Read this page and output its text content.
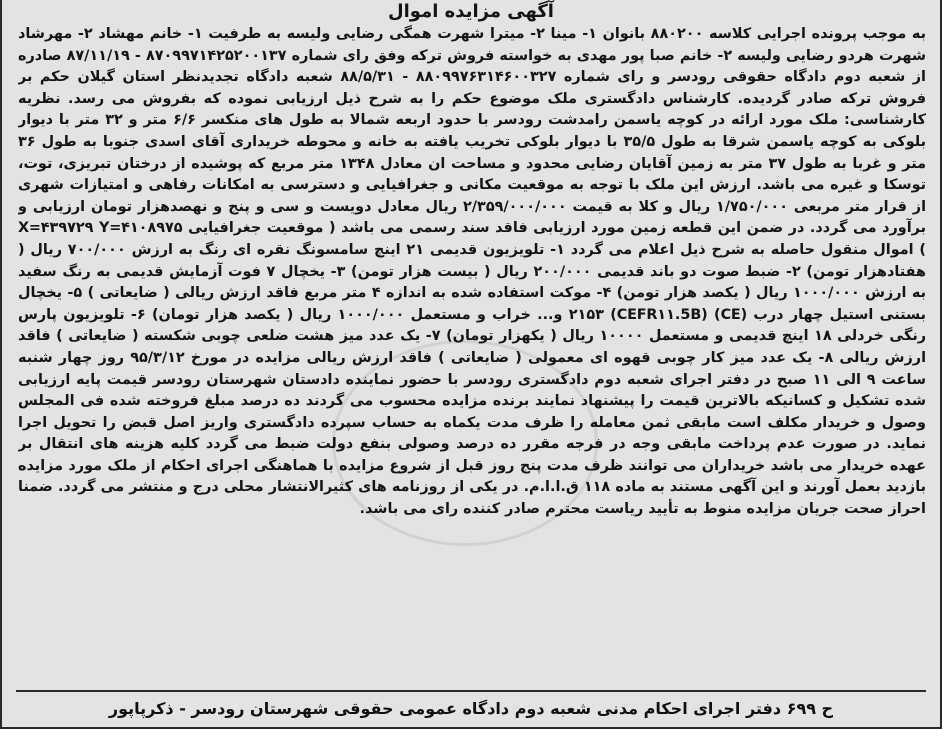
آگهی مزایده اموال
به موجب پرونده اجرایی کلاسه ۸۸۰۲۰۰ بانوان ۱- مینا ۲- میترا شهرت همگی رضایی ولیسه به طرفیت ۱- خانم مهشاد ۲- مهرشاد شهرت هردو رضایی ولیسه ۲- خانم صبا پور مهدی به خواسته فروش ترکه وفق رای شماره ۸۷۰۹۹۷۱۴۲۵۲۰۰۱۳۷ - ۸۷/۱۱/۱۹ صادره از شعبه دوم دادگاه حقوقی رودسر و رای شماره ۸۸۰۹۹۷۶۳۱۴۶۰۰۳۲۷ - ۸۸/۵/۳۱ شعبه دادگاه تجدیدنظر استان گیلان حکم بر فروش ترکه صادر گردیده. کارشناس دادگستری ملک موضوع حکم را به شرح ذیل ارزیابی نموده که بفروش می رسد. نظریه کارشناسی: ملک مورد ارائه در کوچه یاسمن رامدشت رودسر با حدود اربعه شمالا به طول های منکسر ۶/۶ متر و ۳۲ متر با دیوار بلوکی به کوچه یاسمن شرقا به طول ۳۵/۵ با دیوار بلوکی تخریب یافته به خانه و محوطه خریداری آقای اسدی جنوبا به طول ۳۶ متر و غربا به طول ۳۷ متر به زمین آقایان رضایی محدود و مساحت ان معادل ۱۳۴۸ متر مربع که پوشیده از درختان تبریزی، توت، توسکا و غیره می باشد. ارزش این ملک با توجه به موقعیت مکانی و جغرافیایی و دسترسی به امکانات رفاهی و امتیازات شهری از قرار متر مربعی ۱/۷۵۰/۰۰۰ ریال و کلا به قیمت ۲/۳۵۹/۰۰۰/۰۰۰ ریال معادل دویست و سی و پنج و نهصدهزار تومان ارزیابی و برآورد می گردد. در ضمن این قطعه زمین مورد ارزیابی فاقد سند رسمی می باشد ( موقعیت جغرافیایی X=۴۳۹۷۲۹ Y=۴۱۰۸۹۷۵ ) اموال منقول حاصله به شرح ذیل اعلام می گردد ۱- تلویزیون قدیمی ۲۱ اینچ سامسونگ نقره ای رنگ به ارزش ۷۰۰/۰۰۰ ریال ( هفتادهزار تومن) ۲- ضبط صوت دو باند قدیمی ۲۰۰/۰۰۰ ریال ( بیست هزار تومن) ۳- یخچال ۷ فوت آزمایش قدیمی به رنگ سفید به ارزش ۱۰۰۰/۰۰۰ ریال ( یکصد هزار تومن) ۴- موکت استفاده شده به اندازه ۴ متر مربع فاقد ارزش ریالی ( ضایعاتی ) ۵- یخچال بستنی استیل چهار درب (CE) (CEFR۱۱.5B) ۲۱۵۳ و... خراب و مستعمل ۱۰۰۰/۰۰۰ ریال ( یکصد هزار تومان) ۶- تلویزیون پارس رنگی خردلی ۱۸ اینچ قدیمی و مستعمل ۱۰۰۰۰ ریال ( یکهزار تومان) ۷- یک عدد میز هشت ضلعی چوبی شکسته ( ضایعاتی ) فاقد ارزش ریالی ۸- یک عدد میز کار چوبی قهوه ای معمولی ( ضایعاتی ) فاقد ارزش ریالی مزایده در مورخ ۹۵/۳/۱۲ روز چهار شنبه ساعت ۹ الی ۱۱ صبح در دفتر اجرای شعبه دوم دادگستری رودسر با حضور نماینده دادستان شهرستان رودسر قیمت پایه ارزیابی شده تشکیل و کسانیکه بالاترین قیمت را پیشنهاد نمایند برنده مزایده محسوب می گردند ده درصد مبلغ فروخته شده فی المجلس وصول و خریدار مکلف است مابقی ثمن معامله را ظرف مدت یکماه به حساب سپرده دادگستری واریز اصل قبض را تحویل اجرا نماید. در صورت عدم پرداخت مابقی وجه در فرجه مقرر ده درصد وصولی بنفع دولت ضبط می گردد کلیه هزینه های انتقال بر عهده خریدار می باشد خریداران می توانند ظرف مدت پنج روز قبل از شروع مزایده با هماهنگی اجرای احکام از ملک مورد مزایده بازدید بعمل آورند و این آگهی مستند به ماده ۱۱۸ ق.ا.ا.م. در یکی از روزنامه های کثیرالانتشار محلی درج و منتشر می گردد. ضمنا احراز صحت جریان مزایده منوط به تأیید ریاست محترم صادر کننده رای می باشد.
ح ۶۹۹ دفتر اجرای احکام مدنی شعبه دوم دادگاه عمومی حقوقی شهرستان رودسر - ذکرپاپور
